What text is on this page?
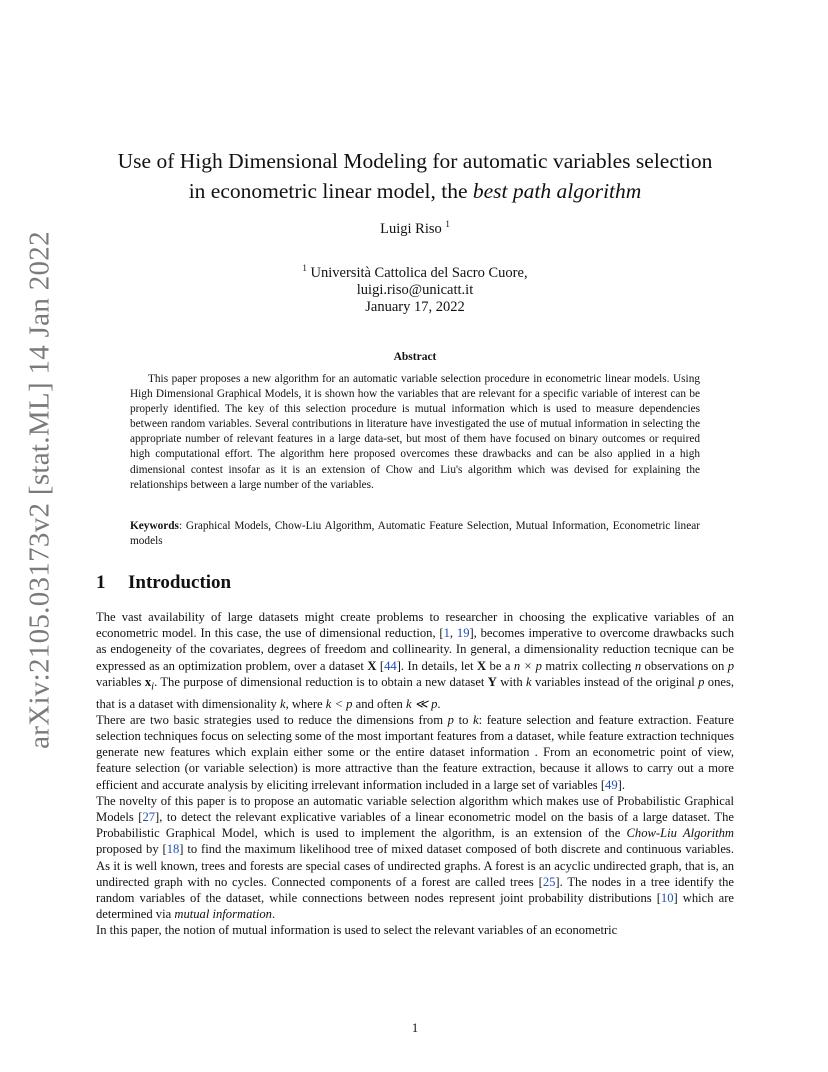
arXiv:2105.03173v2 [stat.ML] 14 Jan 2022
Use of High Dimensional Modeling for automatic variables selection
in econometric linear model, the best path algorithm
Luigi Riso $^1$
$^1$ Università Cattolica del Sacro Cuore,
luigi.riso@unicatt.it
January 17, 2022
Abstract
This paper proposes a new algorithm for an automatic variable selection procedure in econometric linear models. Using High Dimensional Graphical Models, it is shown how the variables that are relevant for a specific variable of interest can be properly identified. The key of this selection procedure is mutual information which is used to measure dependencies between random variables. Several contributions in literature have investigated the use of mutual information in selecting the appropriate number of relevant features in a large data-set, but most of them have focused on binary outcomes or required high computational effort. The algorithm here proposed overcomes these drawbacks and can be also applied in a high dimensional contest insofar as it is an extension of Chow and Liu's algorithm which was devised for explaining the relationships between a large number of the variables.
Keywords: Graphical Models, Chow-Liu Algorithm, Automatic Feature Selection, Mutual Information, Econometric linear models
1 Introduction

The vast availability of large datasets might create problems to researcher in choosing the explicative variables of an econometric model. In this case, the use of dimensional reduction, [1, 19], becomes imperative to overcome drawbacks such as endogeneity of the covariates, degrees of freedom and collinearity. In general, a dimensionality reduction tecnique can be expressed as an optimization problem, over a dataset X [44]. In details, let X be a n × p matrix collecting n observations on p variables $x_i$. The purpose of dimensional reduction is to obtain a new dataset Y with k variables instead of the original p ones, that is a dataset with dimensionality k, where k < p and often k ≪ p.

There are two basic strategies used to reduce the dimensions from p to k: feature selection and feature extraction. Feature selection techniques focus on selecting some of the most important features from a dataset, while feature extraction techniques generate new features which explain either some or the entire dataset information . From an econometric point of view, feature selection (or variable selection) is more attractive than the feature extraction, because it allows to carry out a more efficient and accurate analysis by eliciting irrelevant information included in a large set of variables [49].

The novelty of this paper is to propose an automatic variable selection algorithm which makes use of Probabilistic Graphical Models [27], to detect the relevant explicative variables of a linear econometric model on the basis of a large dataset. The Probabilistic Graphical Model, which is used to implement the algorithm, is an extension of the Chow-Liu Algorithm proposed by [18] to find the maximum likelihood tree of mixed dataset composed of both discrete and continuous variables. As it is well known, trees and forests are special cases of undirected graphs. A forest is an acyclic undirected graph, that is, an undirected graph with no cycles. Connected components of a forest are called trees [25]. The nodes in a tree identify the random variables of the dataset, while connections between nodes represent joint probability distributions [10] which are determined via mutual information.

In this paper, the notion of mutual information is used to select the relevant variables of an econometric

1
